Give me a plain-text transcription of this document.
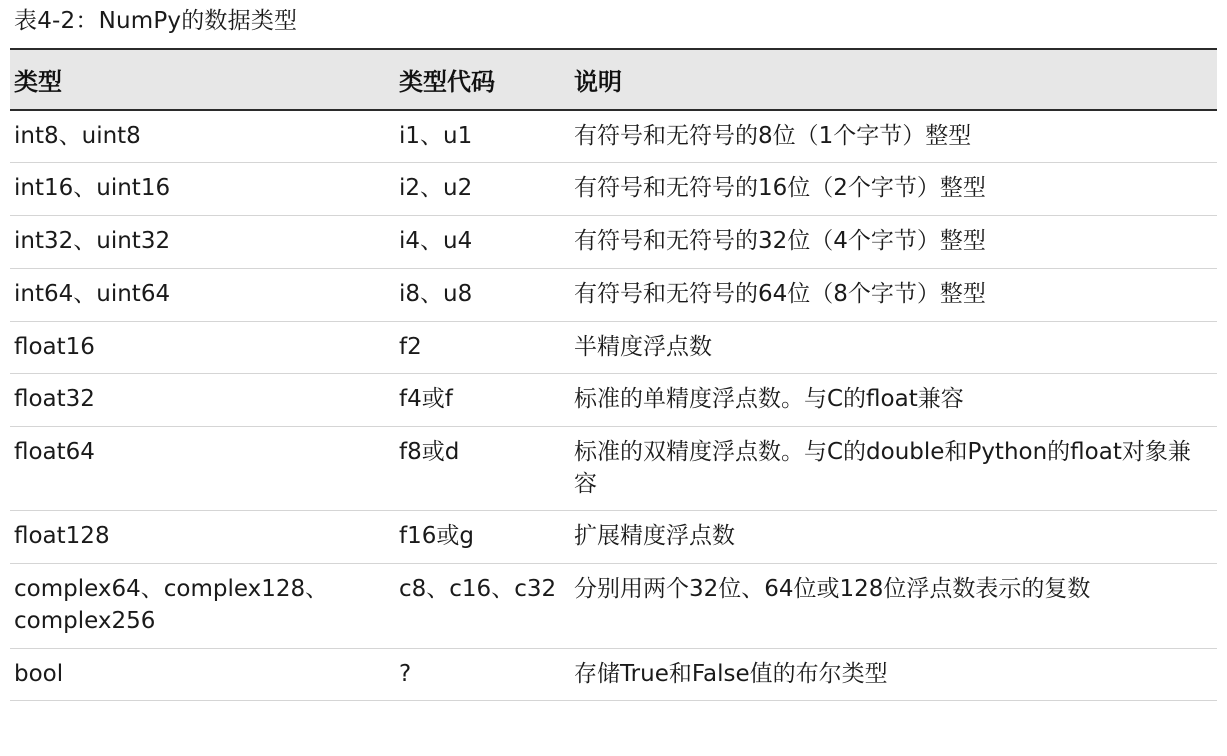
表4-2：NumPy的数据类型
类型	类型代码	说明
int8、uint8	i1、u1	有符号和无符号的8位（1个字节）整型
int16、uint16	i2、u2	有符号和无符号的16位（2个字节）整型
int32、uint32	i4、u4	有符号和无符号的32位（4个字节）整型
int64、uint64	i8、u8	有符号和无符号的64位（8个字节）整型
float16	f2	半精度浮点数
float32	f4或f	标准的单精度浮点数。与C的float兼容
float64	f8或d	标准的双精度浮点数。与C的double和Python的float对象兼容
float128	f16或g	扩展精度浮点数
complex64、complex128、complex256	c8、c16、c32	分别用两个32位、64位或128位浮点数表示的复数
bool	?	存储True和False值的布尔类型
